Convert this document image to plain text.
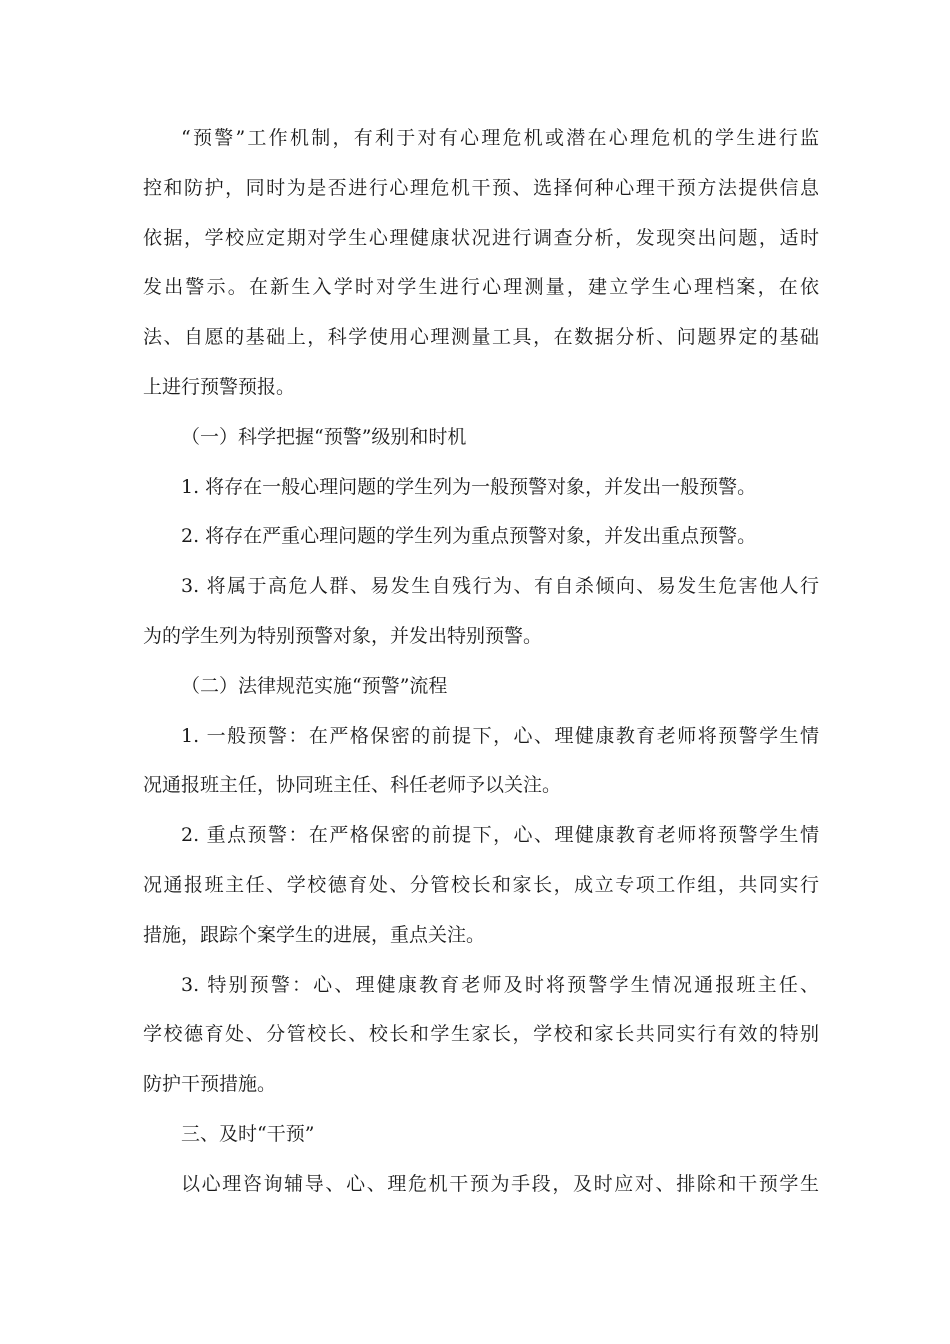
“预警”工作机制，有利于对有心理危机或潜在心理危机的学生进行监
控和防护，同时为是否进行心理危机干预、选择何种心理干预方法提供信息
依据，学校应定期对学生心理健康状况进行调查分析，发现突出问题，适时
发出警示。在新生入学时对学生进行心理测量，建立学生心理档案，在依
法、自愿的基础上，科学使用心理测量工具，在数据分析、问题界定的基础
上进行预警预报。

（一）科学把握“预警”级别和时机

1. 将存在一般心理问题的学生列为一般预警对象，并发出一般预警。

2. 将存在严重心理问题的学生列为重点预警对象，并发出重点预警。

3. 将属于高危人群、易发生自残行为、有自杀倾向、易发生危害他人行
为的学生列为特别预警对象，并发出特别预警。

（二）法律规范实施“预警”流程

1. 一般预警：在严格保密的前提下，心、理健康教育老师将预警学生情
况通报班主任，协同班主任、科任老师予以关注。

2. 重点预警：在严格保密的前提下，心、理健康教育老师将预警学生情
况通报班主任、学校德育处、分管校长和家长，成立专项工作组，共同实行
措施，跟踪个案学生的进展，重点关注。

3. 特别预警：心、理健康教育老师及时将预警学生情况通报班主任、
学校德育处、分管校长、校长和学生家长，学校和家长共同实行有效的特别
防护干预措施。

三、及时“干预”

以心理咨询辅导、心、理危机干预为手段，及时应对、排除和干预学生
